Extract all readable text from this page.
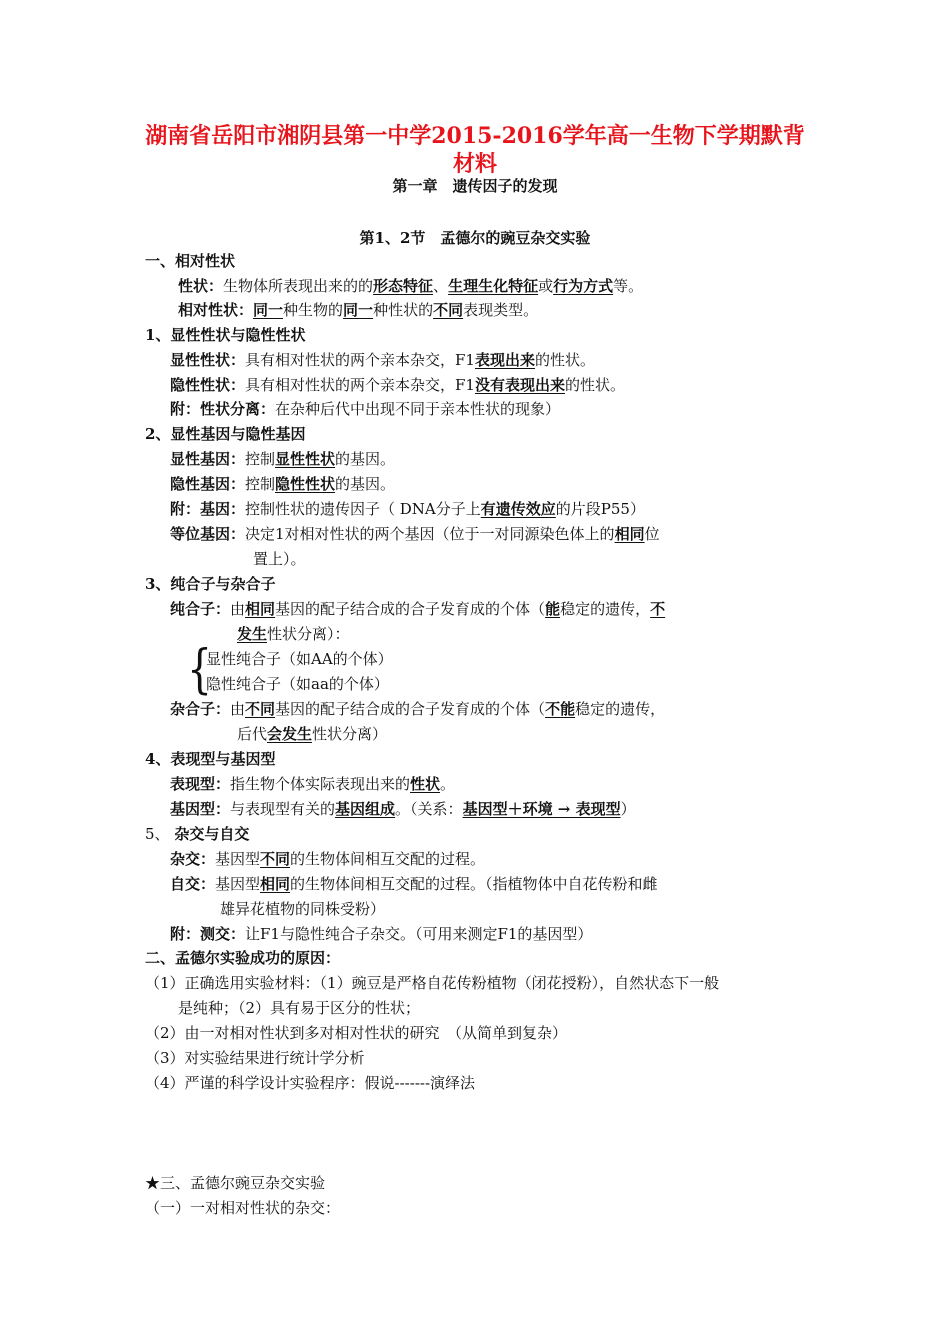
湖南省岳阳市湘阴县第一中学2015-2016学年高一生物下学期默背
材料
第一章　遗传因子的发现
第1、2节　孟德尔的豌豆杂交实验
一、相对性状
性状：生物体所表现出来的的形态特征、生理生化特征或行为方式等。
相对性状：同一种生物的同一种性状的不同表现类型。
1、显性性状与隐性性状
显性性状：具有相对性状的两个亲本杂交，F1表现出来的性状。
隐性性状：具有相对性状的两个亲本杂交，F1没有表现出来的性状。
附：性状分离：在杂种后代中出现不同于亲本性状的现象）
2、显性基因与隐性基因
显性基因：控制显性性状的基因。
隐性基因：控制隐性性状的基因。
附：基因：控制性状的遗传因子（ DNA分子上有遗传效应的片段P55）
等位基因：决定1对相对性状的两个基因（位于一对同源染色体上的相同位
置上）。
3、纯合子与杂合子
纯合子：由相同基因的配子结合成的合子发育成的个体（能稳定的遗传，不
发生性状分离）：
{
显性纯合子（如AA的个体）
隐性纯合子（如aa的个体）
杂合子：由不同基因的配子结合成的合子发育成的个体（不能稳定的遗传，
后代会发生性状分离）
4、表现型与基因型
表现型：指生物个体实际表现出来的性状。
基因型：与表现型有关的基因组成。（关系：基因型＋环境 → 表现型）
5、 杂交与自交
杂交：基因型不同的生物体间相互交配的过程。
自交：基因型相同的生物体间相互交配的过程。（指植物体中自花传粉和雌
雄异花植物的同株受粉）
附：测交：让F1与隐性纯合子杂交。（可用来测定F1的基因型）
二、孟德尔实验成功的原因：
（1）正确选用实验材料：（1）豌豆是严格自花传粉植物（闭花授粉），自然状态下一般
是纯种；（2）具有易于区分的性状；
（2）由一对相对性状到多对相对性状的研究　（从简单到复杂）
（3）对实验结果进行统计学分析
（4）严谨的科学设计实验程序：假说-------演绎法
★三、孟德尔豌豆杂交实验
（一）一对相对性状的杂交：
